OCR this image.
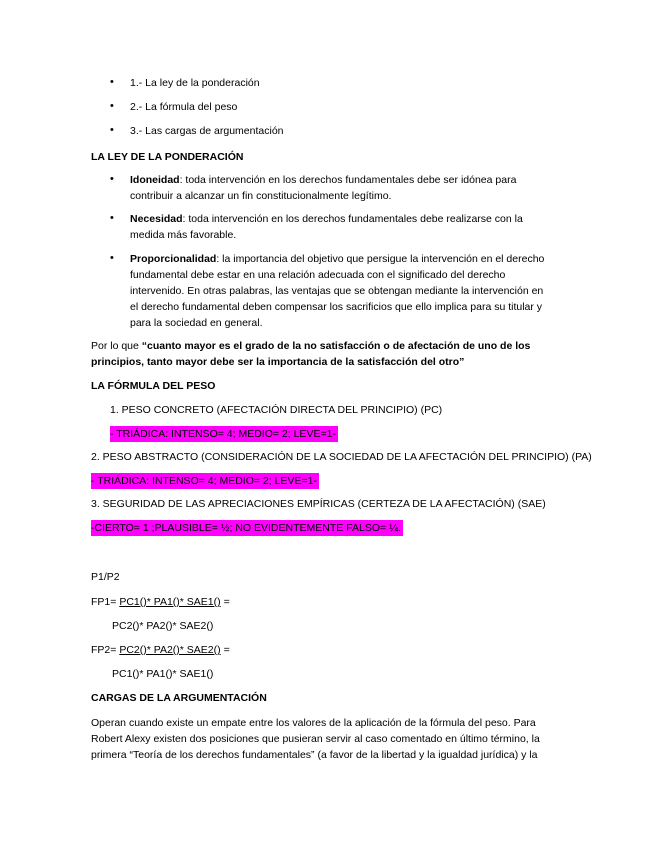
• 1.- La ley de la ponderación
• 2.- La fórmula del peso
• 3.- Las cargas de argumentación
LA LEY DE LA PONDERACIÓN
• Idoneidad: toda intervención en los derechos fundamentales debe ser idónea para
contribuir a alcanzar un fin constitucionalmente legítimo.
• Necesidad: toda intervención en los derechos fundamentales debe realizarse con la
medida más favorable.
• Proporcionalidad: la importancia del objetivo que persigue la intervención en el derecho
fundamental debe estar en una relación adecuada con el significado del derecho
intervenido. En otras palabras, las ventajas que se obtengan mediante la intervención en
el derecho fundamental deben compensar los sacrificios que ello implica para su titular y
para la sociedad en general.
Por lo que “cuanto mayor es el grado de la no satisfacción o de afectación de uno de los
principios, tanto mayor debe ser la importancia de la satisfacción del otro”
LA FÓRMULA DEL PESO
1. PESO CONCRETO (AFECTACIÓN DIRECTA DEL PRINCIPIO) (PC)
- TRIÁDICA: INTENSO= 4; MEDIO= 2; LEVE=1-
2. PESO ABSTRACTO (CONSIDERACIÓN DE LA SOCIEDAD DE LA AFECTACIÓN DEL PRINCIPIO) (PA)
- TRIÁDICA: INTENSO= 4; MEDIO= 2; LEVE=1-
3. SEGURIDAD DE LAS APRECIACIONES EMPÍRICAS (CERTEZA DE LA AFECTACIÓN) (SAE)
-CIERTO= 1 ;PLAUSIBLE= ½; NO EVIDENTEMENTE FALSO= ¼.
P1/P2
FP1= PC1()* PA1()* SAE1() =
PC2()* PA2()* SAE2()
FP2= PC2()* PA2()* SAE2() =
PC1()* PA1()* SAE1()
CARGAS DE LA ARGUMENTACIÓN
Operan cuando existe un empate entre los valores de la aplicación de la fórmula del peso. Para
Robert Alexy existen dos posiciones que pusieran servir al caso comentado en último término, la
primera “Teoría de los derechos fundamentales” (a favor de la libertad y la igualdad jurídica) y la
